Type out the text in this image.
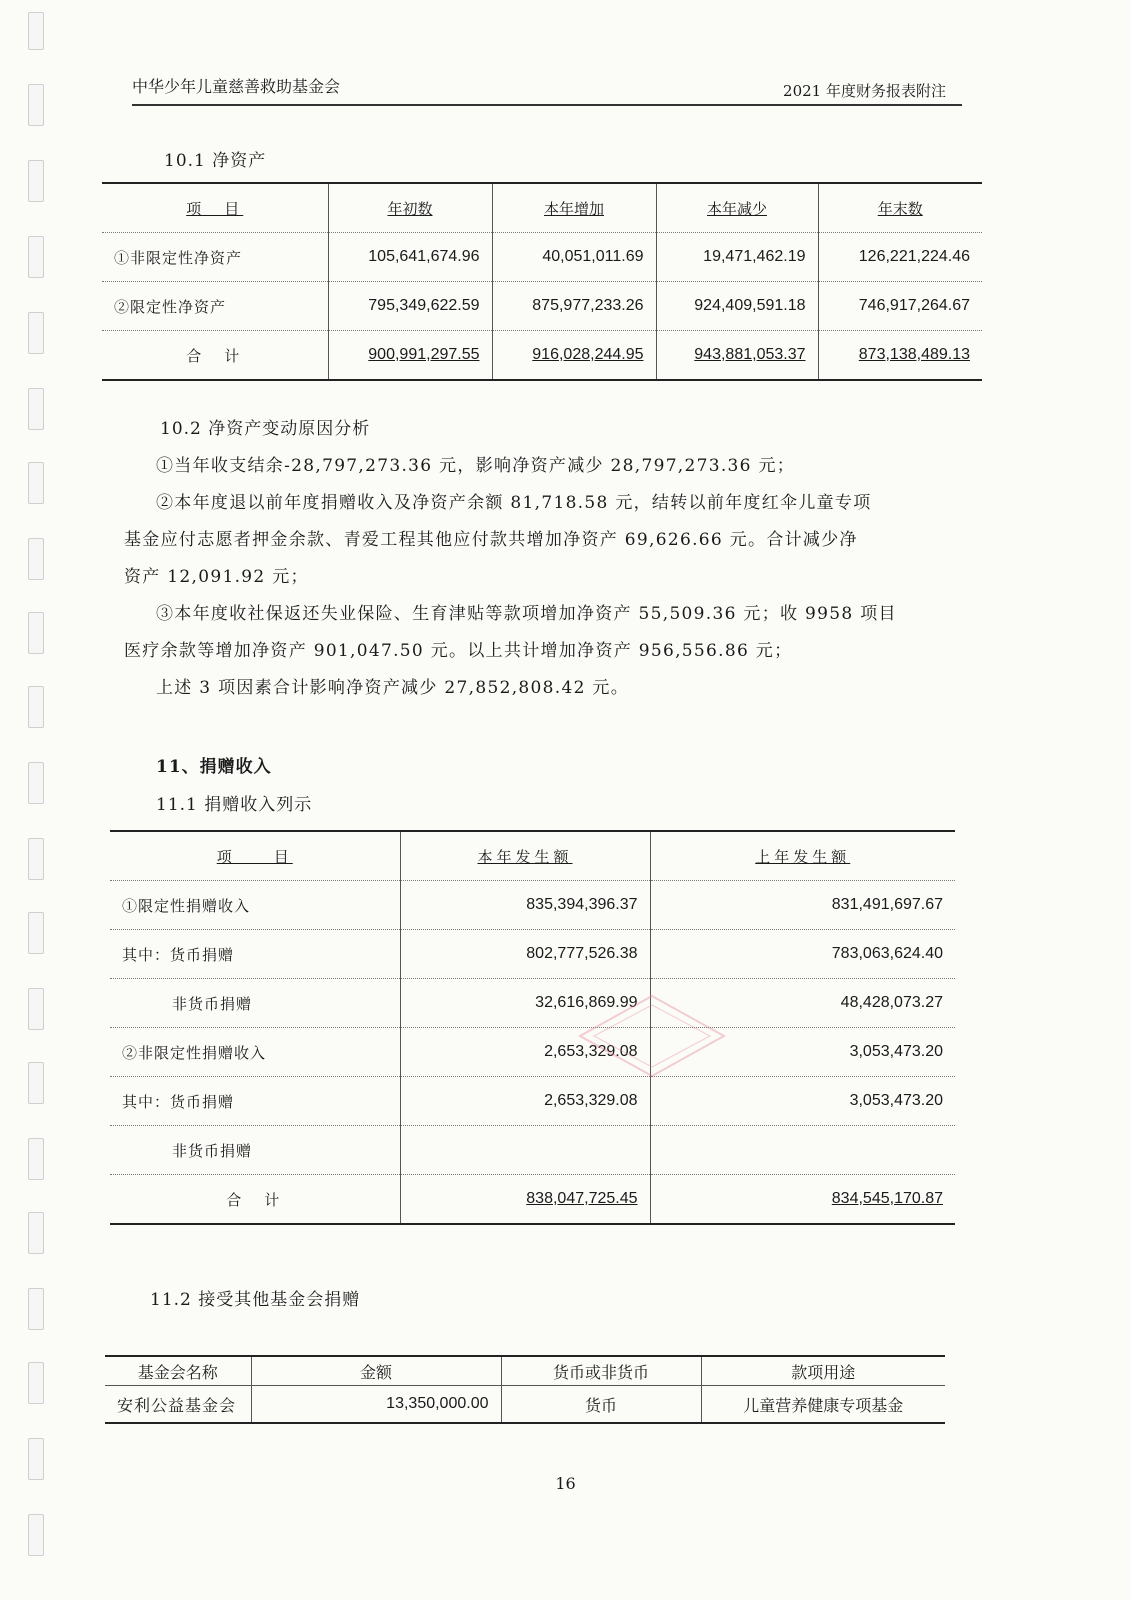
中华少年儿童慈善救助基金会	2021 年度财务报表附注
10.1 净资产
项　目	年初数	本年增加	本年减少	年末数
①非限定性净资产	105,641,674.96	40,051,011.69	19,471,462.19	126,221,224.46
②限定性净资产	795,349,622.59	875,977,233.26	924,409,591.18	746,917,264.67
合　计	900,991,297.55	916,028,244.95	943,881,053.37	873,138,489.13
10.2 净资产变动原因分析

①当年收支结余-28,797,273.36 元，影响净资产减少 28,797,273.36 元；

②本年度退以前年度捐赠收入及净资产余额 81,718.58 元，结转以前年度红伞儿童专项

基金应付志愿者押金余款、青爱工程其他应付款共增加净资产 69,626.66 元。合计减少净

资产 12,091.92 元；

③本年度收社保返还失业保险、生育津贴等款项增加净资产 55,509.36 元；收 9958 项目

医疗余款等增加净资产 901,047.50 元。以上共计增加净资产 956,556.86 元；

上述 3 项因素合计影响净资产减少 27,852,808.42 元。

11、捐赠收入
11.1 捐赠收入列示
项　　目	本年发生额	上年发生额
①限定性捐赠收入	835,394,396.37	831,491,697.67
其中：货币捐赠	802,777,526.38	783,063,624.40
非货币捐赠	32,616,869.99	48,428,073.27
②非限定性捐赠收入	2,653,329.08	3,053,473.20
其中：货币捐赠	2,653,329.08	3,053,473.20
非货币捐赠		
合　计	838,047,725.45	834,545,170.87
11.2 接受其他基金会捐赠
基金会名称	金额	货币或非货币	款项用途
安利公益基金会	13,350,000.00	货币	儿童营养健康专项基金
16
